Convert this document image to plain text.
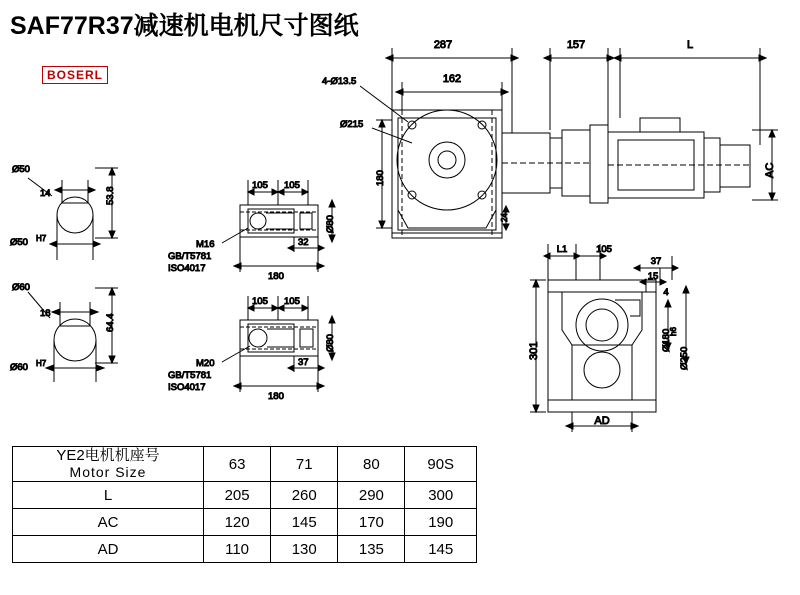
SAF77R37减速机电机尺寸图纸
BOSERL
Ø50
14
Ø50 H7
53.8
Ø60
18
Ø60 H7
64.4
105 105
32
180
Ø80
M16
GB/T5781
ISO4017
105 105
37
180
Ø80
M20
GB/T5781
ISO4017
287
162
157	L
4-Ø13.5
Ø215
180
24
AC
L1	105
37
15
4
301	Ø180
h6
Ø250
AD
YE2电机机座号
Motor Size	63	71	80	90S
L	205	260	290	300
AC	120	145	170	190
AD	110	130	135	145
